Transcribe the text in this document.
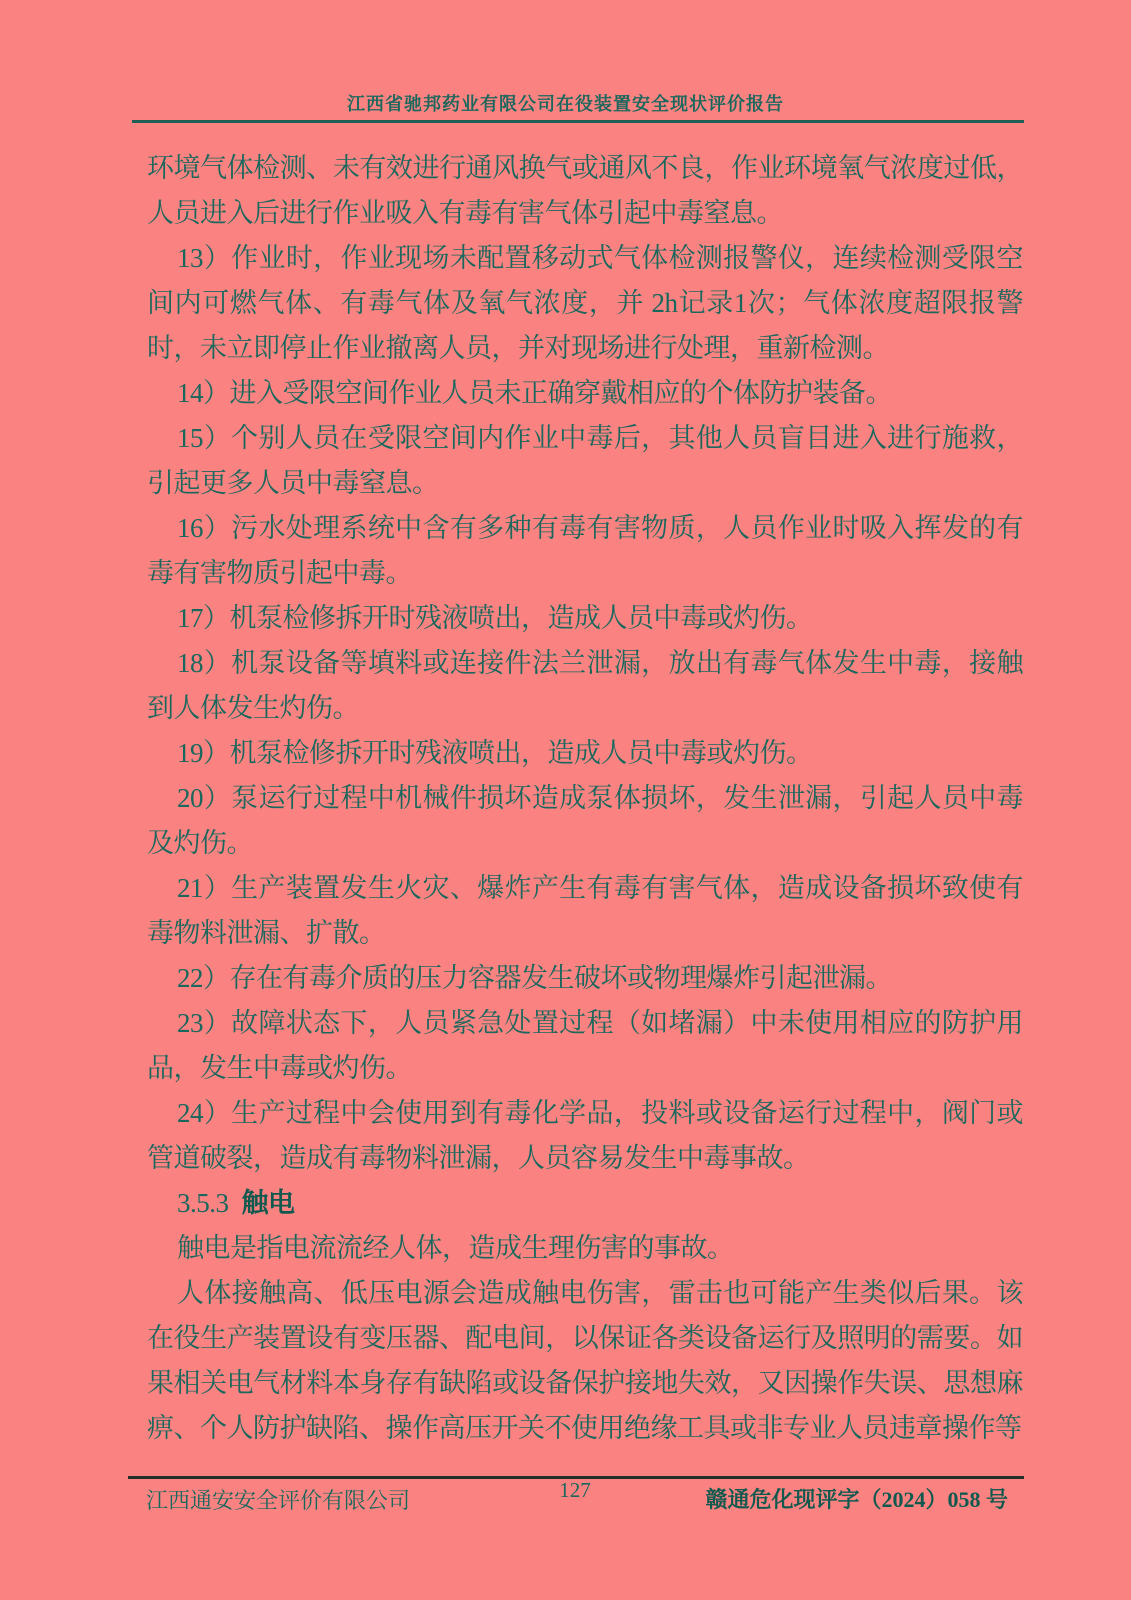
江西省驰邦药业有限公司在役装置安全现状评价报告

环境气体检测、未有效进行通风换气或通风不良，作业环境氧气浓度过低，人员进入后进行作业吸入有毒有害气体引起中毒窒息。

13）作业时，作业现场未配置移动式气体检测报警仪，连续检测受限空间内可燃气体、有毒气体及氧气浓度，并 2h记录1次；气体浓度超限报警时，未立即停止作业撤离人员，并对现场进行处理，重新检测。

14）进入受限空间作业人员未正确穿戴相应的个体防护装备。

15）个别人员在受限空间内作业中毒后，其他人员盲目进入进行施救，引起更多人员中毒窒息。

16）污水处理系统中含有多种有毒有害物质，人员作业时吸入挥发的有毒有害物质引起中毒。

17）机泵检修拆开时残液喷出，造成人员中毒或灼伤。

18）机泵设备等填料或连接件法兰泄漏，放出有毒气体发生中毒，接触到人体发生灼伤。

19）机泵检修拆开时残液喷出，造成人员中毒或灼伤。

20）泵运行过程中机械件损坏造成泵体损坏，发生泄漏，引起人员中毒及灼伤。

21）生产装置发生火灾、爆炸产生有毒有害气体，造成设备损坏致使有毒物料泄漏、扩散。

22）存在有毒介质的压力容器发生破坏或物理爆炸引起泄漏。

23）故障状态下，人员紧急处置过程（如堵漏）中未使用相应的防护用品，发生中毒或灼伤。

24）生产过程中会使用到有毒化学品，投料或设备运行过程中，阀门或管道破裂，造成有毒物料泄漏，人员容易发生中毒事故。

3.5.3 触电

触电是指电流流经人体，造成生理伤害的事故。

人体接触高、低压电源会造成触电伤害，雷击也可能产生类似后果。该在役生产装置设有变压器、配电间，以保证各类设备运行及照明的需要。如果相关电气材料本身存有缺陷或设备保护接地失效，又因操作失误、思想麻痹、个人防护缺陷、操作高压开关不使用绝缘工具或非专业人员违章操作等

江西通安安全评价有限公司	127	赣通危化现评字（2024）058 号
